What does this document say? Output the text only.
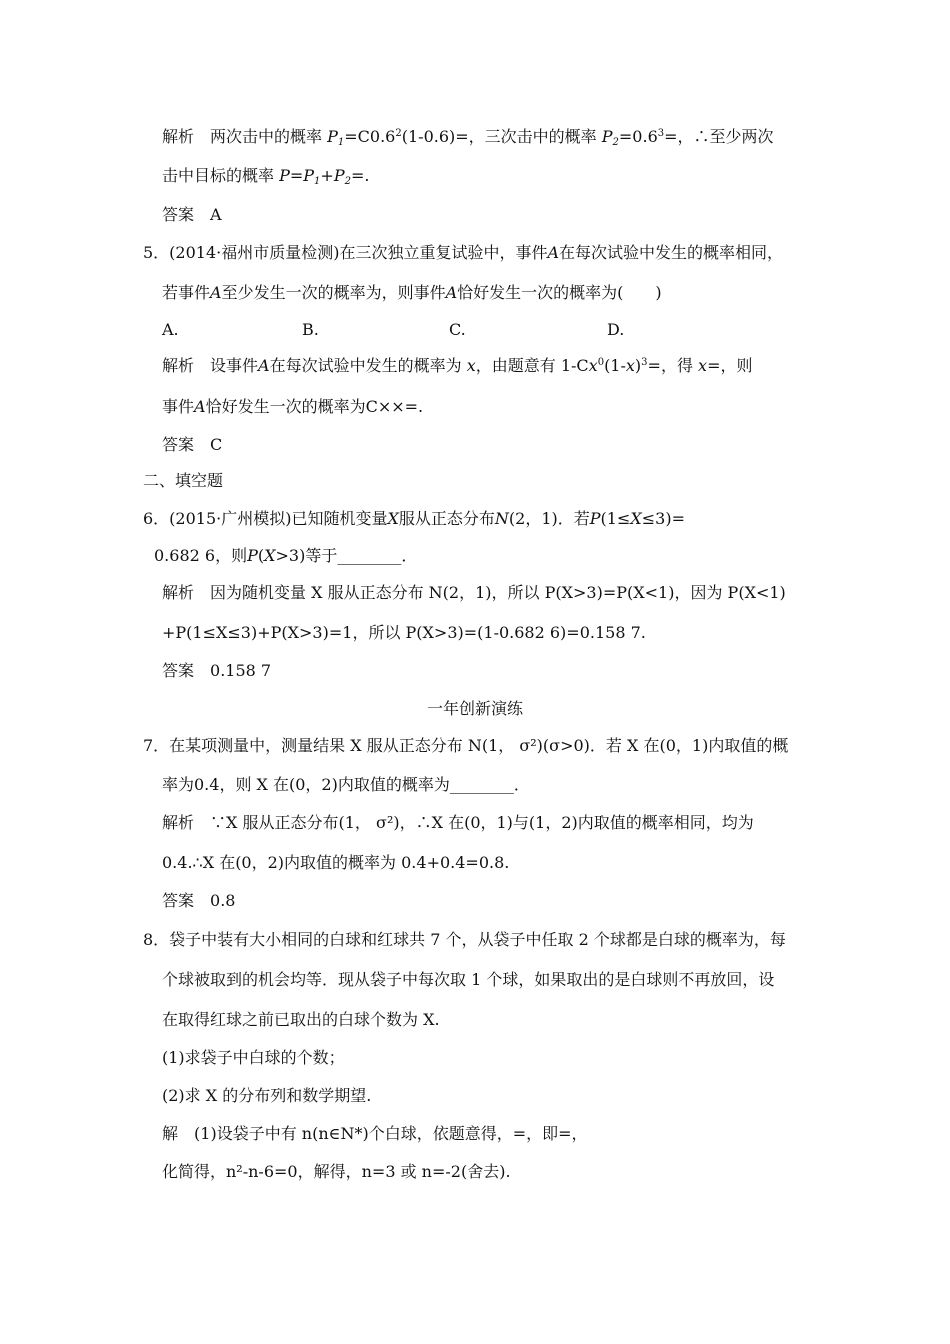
解析　 两次击中的概率 $P_1=C0.6^2(1-0.6)=$，三次击中的概率 $P_2=0.6^3=$，∴至少两次
击中目标的概率 $P=P_1+P_2=$.
答案　 A
5．(2014·福州市质量检测)在三次独立重复试验中，事件A在每次试验中发生的概率相同，
若事件A至少发生一次的概率为，则事件A恰好发生一次的概率为(　　)
A.	B.	C.	D.
解析　 设事件A在每次试验中发生的概率为 x，由题意有 $1-Cx^0(1-x)^3=$，得 x=，则
事件A恰好发生一次的概率为C××=.
答案　 C
二、填空题
6．(2015·广州模拟)已知随机变量X服从正态分布N(2，1)．若P(1≤X≤3)=
0.682 6，则P(X>3)等于________．
解析　 因为随机变量 X 服从正态分布 N(2，1)，所以 P(X>3)=P(X<1)，因为 P(X<1)
+P(1≤X≤3)+P(X>3)=1，所以 P(X>3)=(1-0.682 6)=0.158 7.
答案　 0.158 7
一年创新演练
7．在某项测量中，测量结果 X 服从正态分布 N(1， σ²)(σ>0)．若 X 在(0，1)内取值的概
率为0.4，则 X 在(0，2)内取值的概率为________．
解析　 ∵X 服从正态分布(1， σ²)，∴X 在(0，1)与(1，2)内取值的概率相同，均为
0.4.∴X 在(0，2)内取值的概率为 0.4+0.4=0.8.
答案　 0.8
8．袋子中装有大小相同的白球和红球共 7 个，从袋子中任取 2 个球都是白球的概率为，每
个球被取到的机会均等．现从袋子中每次取 1 个球，如果取出的是白球则不再放回，设
在取得红球之前已取出的白球个数为 X.
(1)求袋子中白球的个数；
(2)求 X 的分布列和数学期望.
解　 (1)设袋子中有 n(n∈N*)个白球，依题意得，=，即=，
化简得，n²-n-6=0，解得，n=3 或 n=-2(舍去).
